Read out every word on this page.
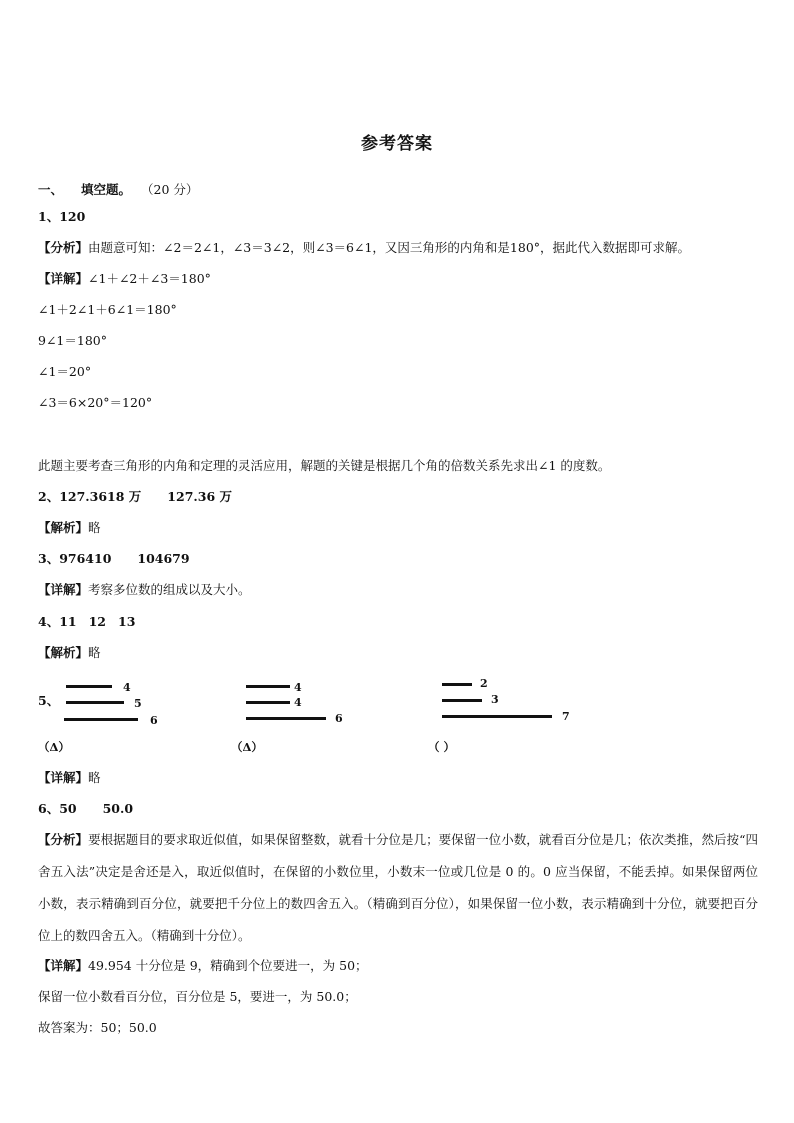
参考答案
一、 填空题。 （20 分）
1、120
【分析】由题意可知：∠2＝2∠1，∠3＝3∠2，则∠3＝6∠1，又因三角形的内角和是180°，据此代入数据即可求解。
【详解】∠1＋∠2＋∠3＝180°
∠1＋2∠1＋6∠1＝180°
9∠1＝180°
∠1＝20°
∠3＝6×20°＝120°
此题主要考查三角形的内角和定理的灵活应用，解题的关键是根据几个角的倍数关系先求出∠1 的度数。
2、127.3618 万 127.36 万
【解析】略
3、976410 104679
【详解】考察多位数的组成以及大小。
4、11 12 13
【解析】略
5、
4
5
6
（Δ）
4
4
6
（Δ）
2
3
7
（ ）
【详解】略
6、50 50.0
【分析】要根据题目的要求取近似值，如果保留整数，就看十分位是几；要保留一位小数，就看百分位是几；依次类推，然后按“四舍五入法”决定是舍还是入，取近似值时，在保留的小数位里，小数末一位或几位是 0 的。0 应当保留，不能丢掉。如果保留两位小数，表示精确到百分位，就要把千分位上的数四舍五入。（精确到百分位），如果保留一位小数，表示精确到十分位，就要把百分位上的数四舍五入。（精确到十分位）。
【详解】49.954 十分位是 9，精确到个位要进一，为 50；
保留一位小数看百分位，百分位是 5，要进一，为 50.0；
故答案为：50；50.0
